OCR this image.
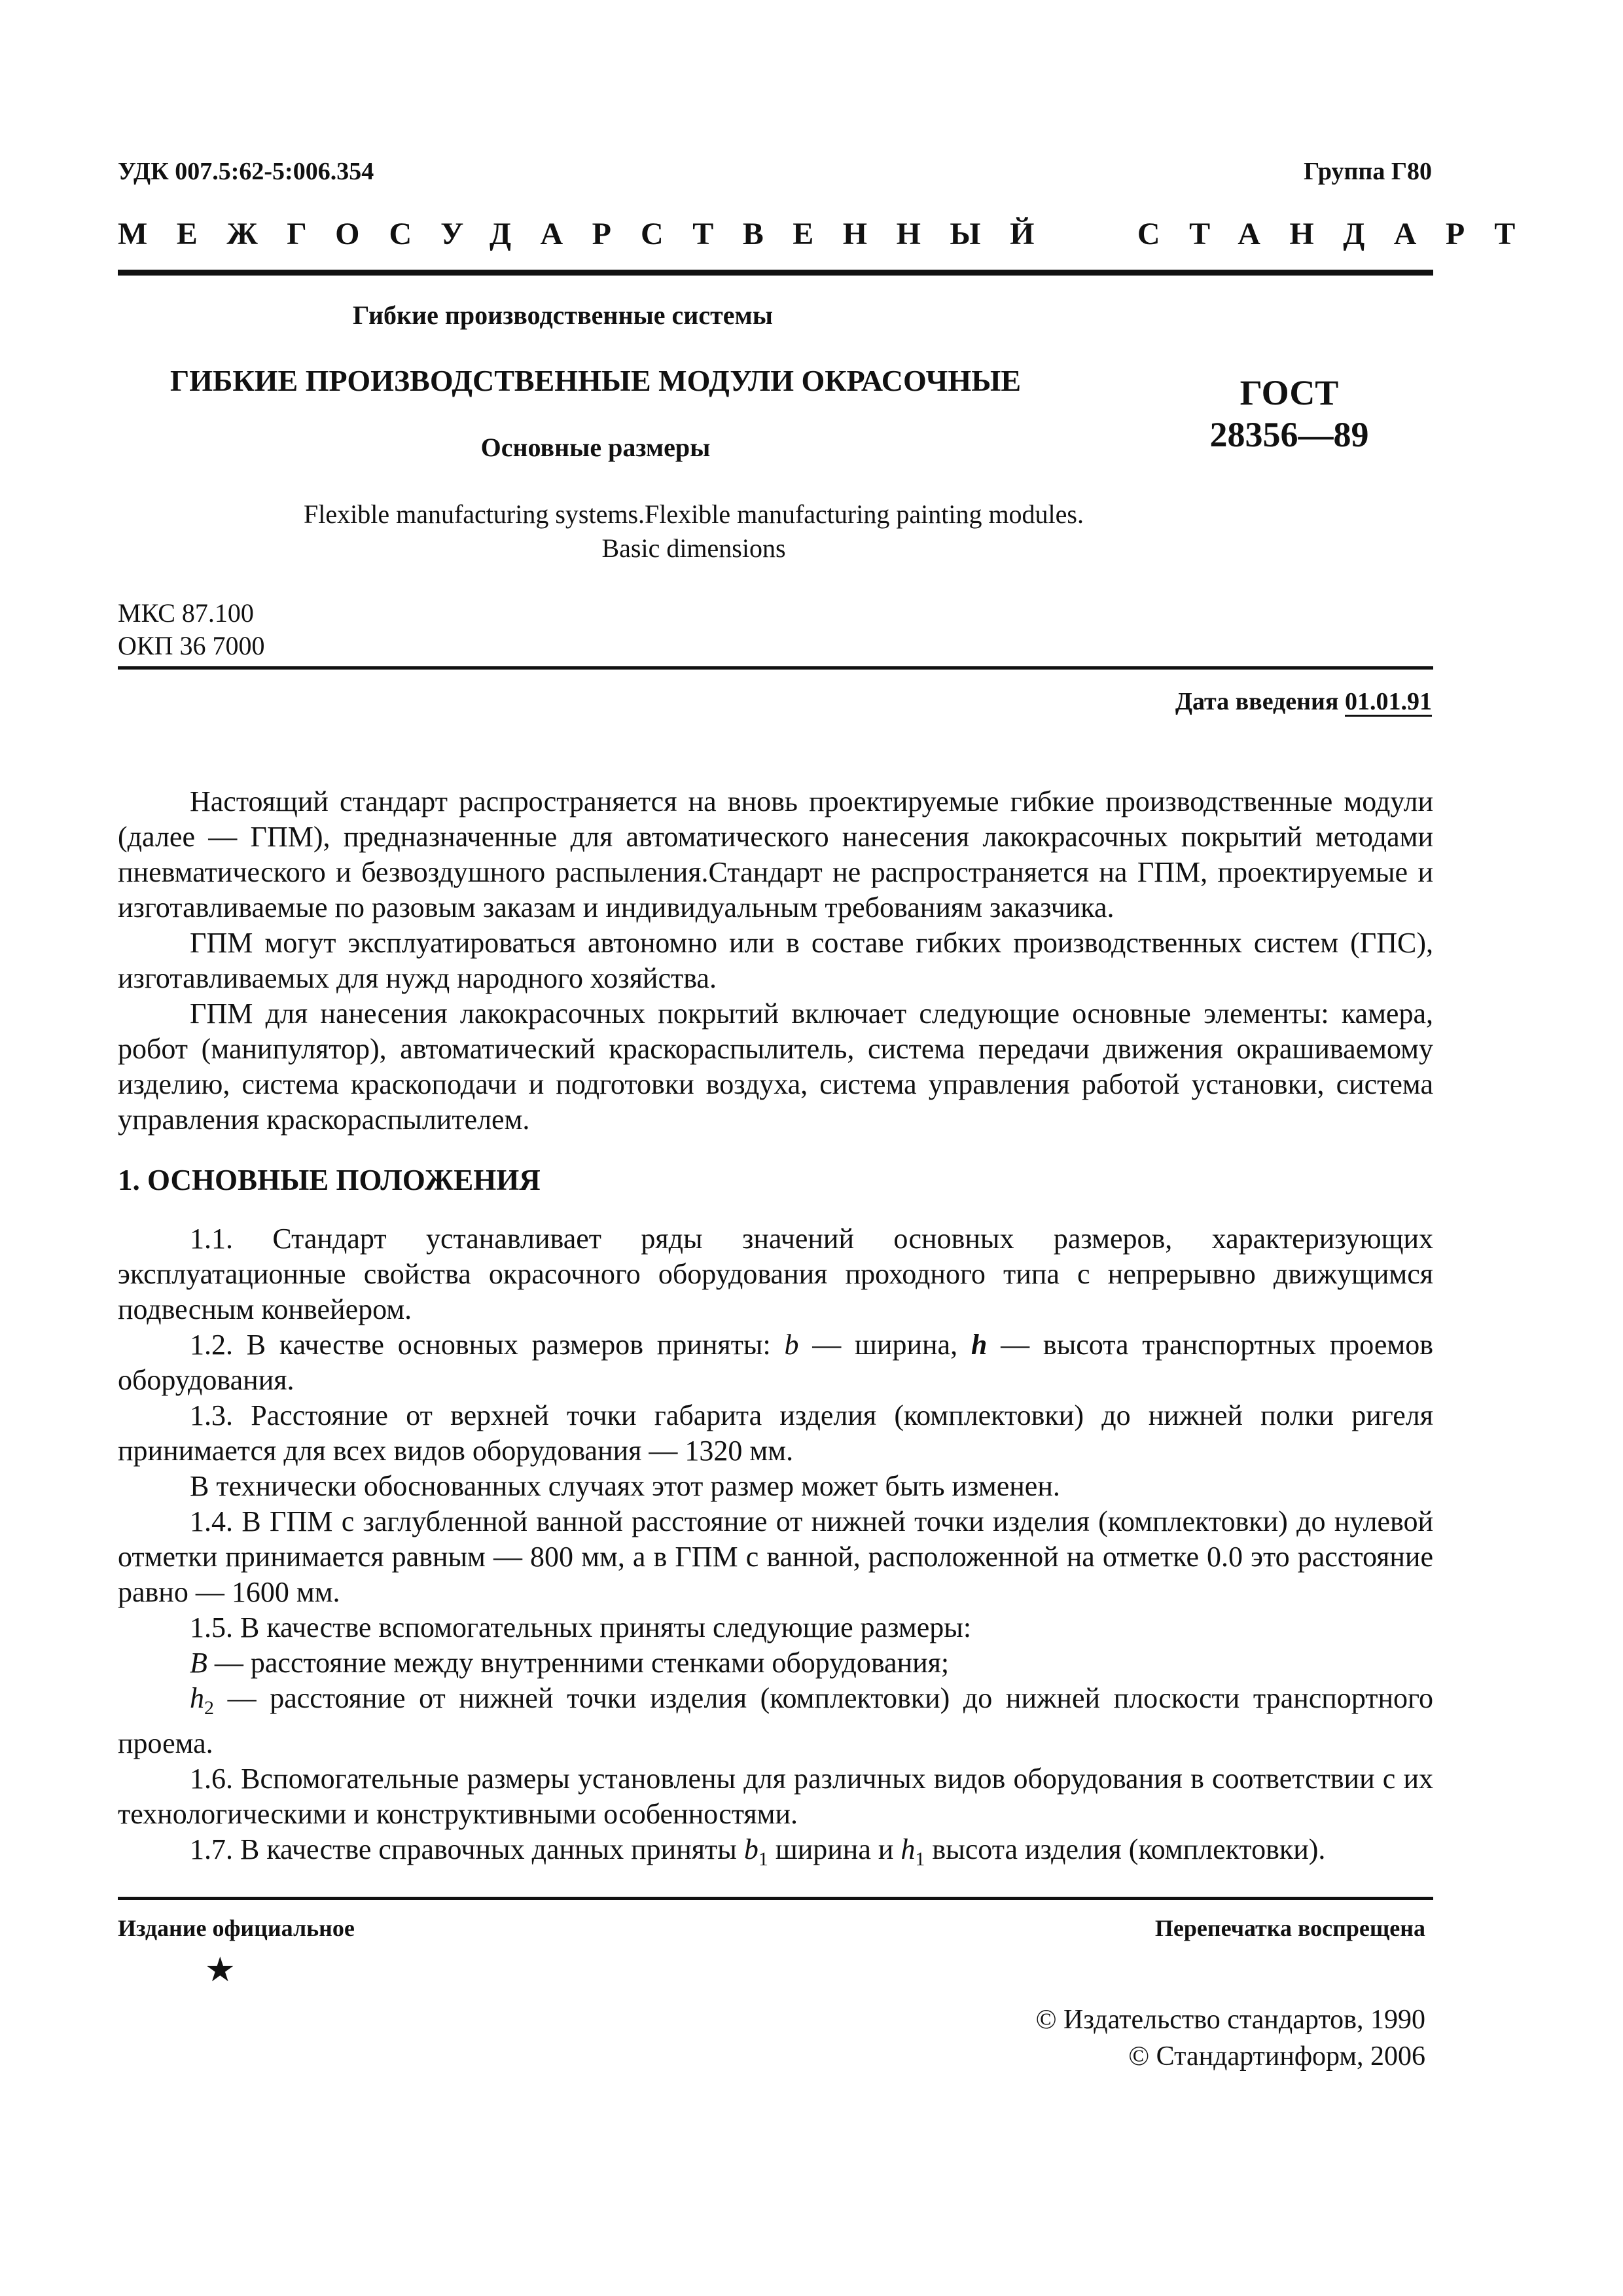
УДК 007.5:62-5:006.354	Группа Г80
МЕЖГОСУДАРСТВЕННЫЙ  СТАНДАРТ
Гибкие производственные системы
ГИБКИЕ ПРОИЗВОДСТВЕННЫЕ МОДУЛИ ОКРАСОЧНЫЕ
Основные размеры
ГОСТ
28356—89
Flexible manufacturing systems.Flexible manufacturing painting modules.
Basic dimensions
МКС 87.100
ОКП 36 7000
Дата введения 01.01.91

Настоящий стандарт распространяется на вновь проектируемые гибкие производственные модули (далее — ГПМ), предназначенные для автоматического нанесения лакокрасочных покрытий методами пневматического и безвоздушного распыления.Стандарт не распространяется на ГПМ, проектируемые и изготавливаемые по разовым заказам и индивидуальным требованиям заказчика.

ГПМ могут эксплуатироваться автономно или в составе гибких производственных систем (ГПС), изготавливаемых для нужд народного хозяйства.

ГПМ для нанесения лакокрасочных покрытий включает следующие основные элементы: камера, робот (манипулятор), автоматический краскораспылитель, система передачи движения окрашиваемому изделию, система краскоподачи и подготовки воздуха, система управления работой установки, система управления краскораспылителем.

1. ОСНОВНЫЕ ПОЛОЖЕНИЯ

1.1. Стандарт устанавливает ряды значений основных размеров, характеризующих эксплуатационные свойства окрасочного оборудования проходного типа с непрерывно движущимся подвесным конвейером.

1.2. В качестве основных размеров приняты: b — ширина, h — высота транспортных проемов оборудования.

1.3. Расстояние от верхней точки габарита изделия (комплектовки) до нижней полки ригеля принимается для всех видов оборудования — 1320 мм.

В технически обоснованных случаях этот размер может быть изменен.

1.4. В ГПМ с заглубленной ванной расстояние от нижней точки изделия (комплектовки) до нулевой отметки принимается равным — 800 мм, а в ГПМ с ванной, расположенной на отметке 0.0 это расстояние равно — 1600 мм.

1.5. В качестве вспомогательных приняты следующие размеры:

B — расстояние между внутренними стенками оборудования;

$h_2$ — расстояние от нижней точки изделия (комплектовки) до нижней плоскости транспортного проема.

1.6. Вспомогательные размеры установлены для различных видов оборудования в соответствии с их технологическими и конструктивными особенностями.

1.7. В качестве справочных данных приняты $b_1$ ширина и $h_1$ высота изделия (комплектовки).

Издание официальное	Перепечатка воспрещена
★
© Издательство стандартов, 1990
© Стандартинформ, 2006
